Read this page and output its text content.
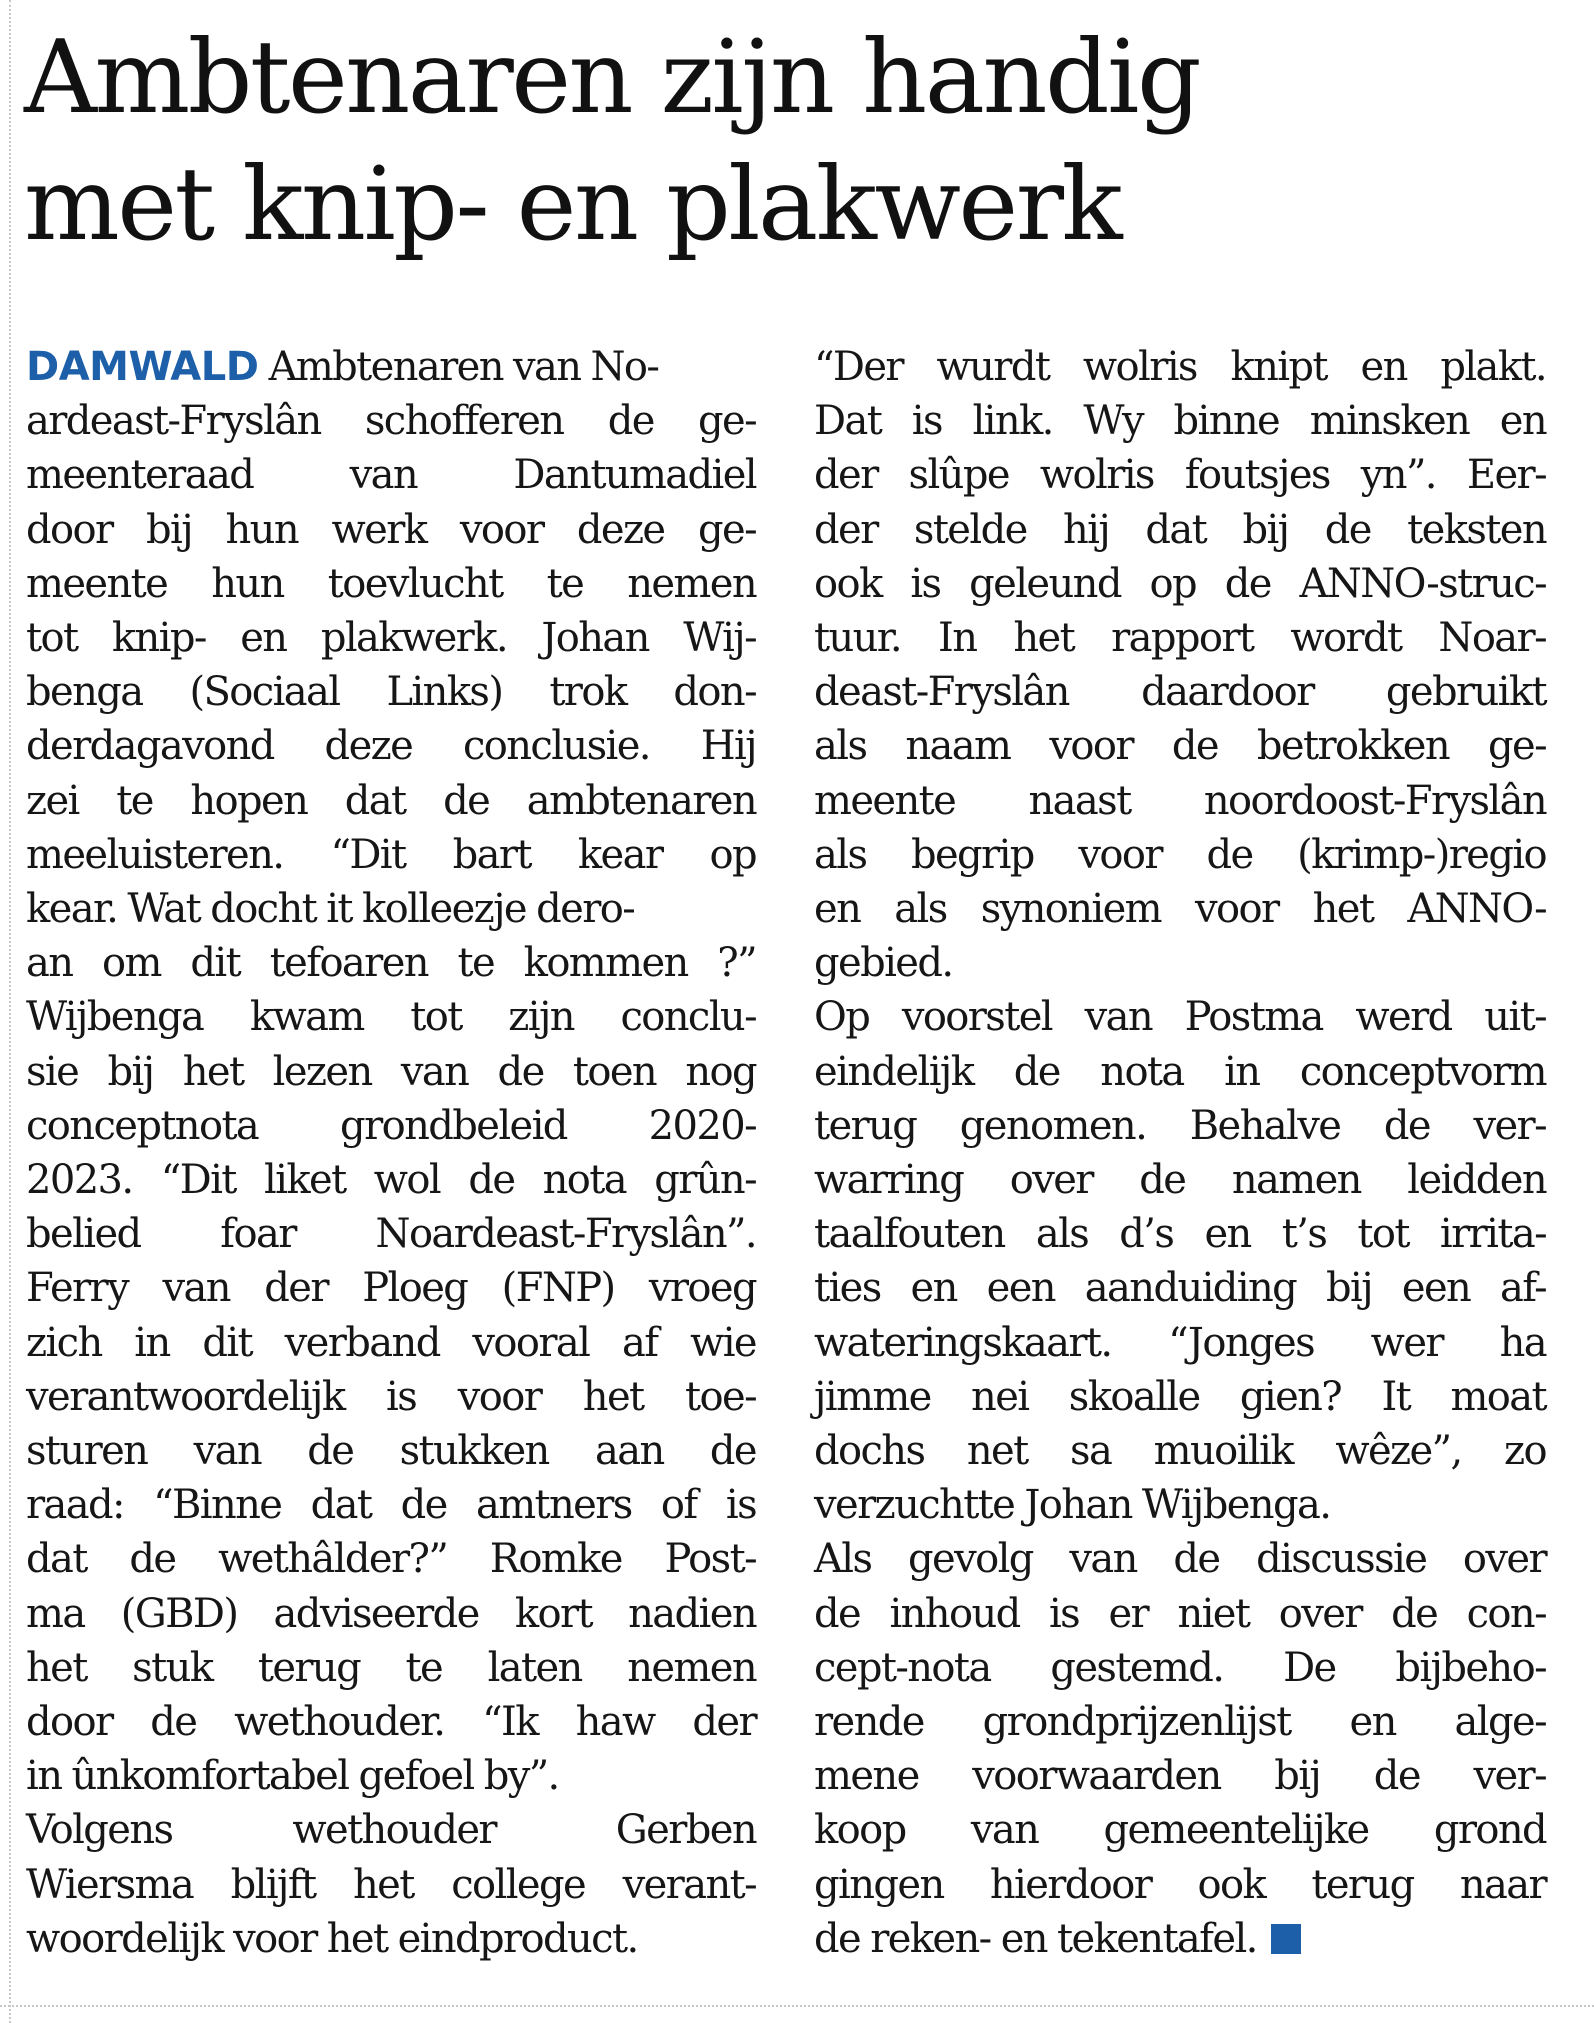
Ambtenaren zijn handig
met knip- en plakwerk

DAMWALD Ambtenaren van No-

ardeast-Fryslân schofferen de ge-
meenteraad van Dantumadiel
door bij hun werk voor deze ge-
meente hun toevlucht te nemen
tot knip- en plakwerk. Johan Wij-
benga (Sociaal Links) trok don-
derdagavond deze conclusie. Hij
zei te hopen dat de ambtenaren
meeluisteren. “Dit bart kear op
kear. Wat docht it kolleezje dero-
an om dit tefoaren te kommen ?”
Wijbenga kwam tot zijn conclu-
sie bij het lezen van de toen nog
conceptnota grondbeleid 2020-
2023. “Dit liket wol de nota grûn-
belied foar Noardeast-Fryslân”.
Ferry van der Ploeg (FNP) vroeg
zich in dit verband vooral af wie
verantwoordelijk is voor het toe-
sturen van de stukken aan de
raad: “Binne dat de amtners of is
dat de wethâlder?” Romke Post-
ma (GBD) adviseerde kort nadien
het stuk terug te laten nemen
door de wethouder. “Ik haw der
in ûnkomfortabel gefoel by”.
Volgens wethouder Gerben
Wiersma blijft het college verant-
woordelijk voor het eindproduct.

“Der wurdt wolris knipt en plakt.
Dat is link. Wy binne minsken en
der slûpe wolris foutsjes yn”. Eer-
der stelde hij dat bij de teksten
ook is geleund op de ANNO-struc-
tuur. In het rapport wordt Noar-
deast-Fryslân daardoor gebruikt
als naam voor de betrokken ge-
meente naast noordoost-Fryslân
als begrip voor de (krimp-)regio
en als synoniem voor het ANNO-
gebied.
Op voorstel van Postma werd uit-
eindelijk de nota in conceptvorm
terug genomen. Behalve de ver-
warring over de namen leidden
taalfouten als d’s en t’s tot irrita-
ties en een aanduiding bij een af-
wateringskaart. “Jonges wer ha
jimme nei skoalle gien? It moat
dochs net sa muoilik wêze”, zo
verzuchtte Johan Wijbenga.
Als gevolg van de discussie over
de inhoud is er niet over de con-
cept-nota gestemd. De bijbeho-
rende grondprijzenlijst en alge-
mene voorwaarden bij de ver-
koop van gemeentelijke grond
gingen hierdoor ook terug naar
de reken- en tekentafel.
